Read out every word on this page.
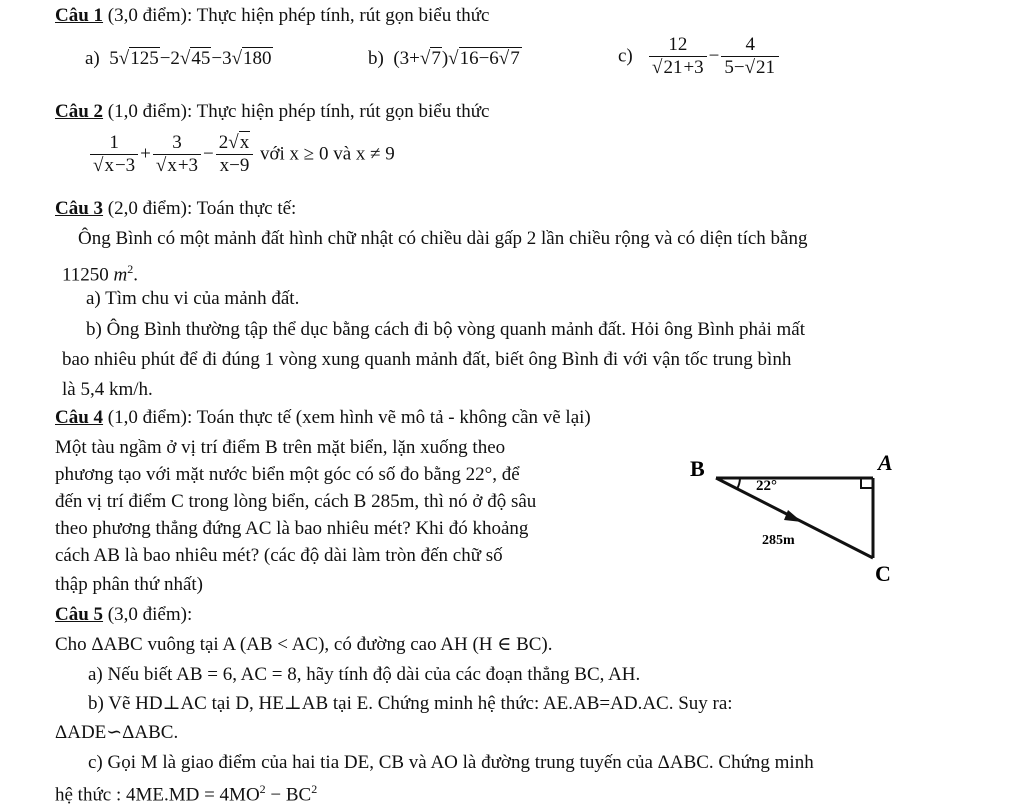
Câu 1 (3,0 điểm): Thực hiện phép tính, rút gọn biểu thức
a) 5√125−2√45−3√180	b) (3+√7)√16−6√7	$c) \frac{12}{√21+3} - \frac{4}{5-√21}$
Câu 2 (1,0 điểm): Thực hiện phép tính, rút gọn biểu thức
$\frac{1}{√x-3} + \frac{3}{√x+3} - \frac{2√x}{x-9}$ với x ≥ 0 và x ≠ 9
Câu 3 (2,0 điểm): Toán thực tế:
Ông Bình có một mảnh đất hình chữ nhật có chiều dài gấp 2 lần chiều rộng và có diện tích bằng
11250 $m^2$.
a) Tìm chu vi của mảnh đất.
b) Ông Bình thường tập thể dục bằng cách đi bộ vòng quanh mảnh đất. Hỏi ông Bình phải mất
bao nhiêu phút để đi đúng 1 vòng xung quanh mảnh đất, biết ông Bình đi với vận tốc trung bình
là 5,4 km/h.
Câu 4 (1,0 điểm): Toán thực tế (xem hình vẽ mô tả - không cần vẽ lại)
Một tàu ngầm ở vị trí điểm B trên mặt biển, lặn xuống theo
phương tạo với mặt nước biển một góc có số đo bằng 22°, để
đến vị trí điểm C trong lòng biển, cách B 285m, thì nó ở độ sâu
theo phương thẳng đứng AC là bao nhiêu mét? Khi đó khoảng
cách AB là bao nhiêu mét? (các độ dài làm tròn đến chữ số
thập phân thứ nhất)
B	A
C
22°
285m
Câu 5 (3,0 điểm):
Cho ΔABC vuông tại A (AB < AC), có đường cao AH (H ∈ BC).
a) Nếu biết AB = 6, AC = 8, hãy tính độ dài của các đoạn thẳng BC, AH.
b) Vẽ HD⊥AC tại D, HE⊥AB tại E. Chứng minh hệ thức: AE.AB=AD.AC. Suy ra:
ΔADE∽ΔABC.
c) Gọi M là giao điểm của hai tia DE, CB và AO là đường trung tuyến của ΔABC. Chứng minh
hệ thức : $4ME.MD = 4MO^2 - BC^2$
